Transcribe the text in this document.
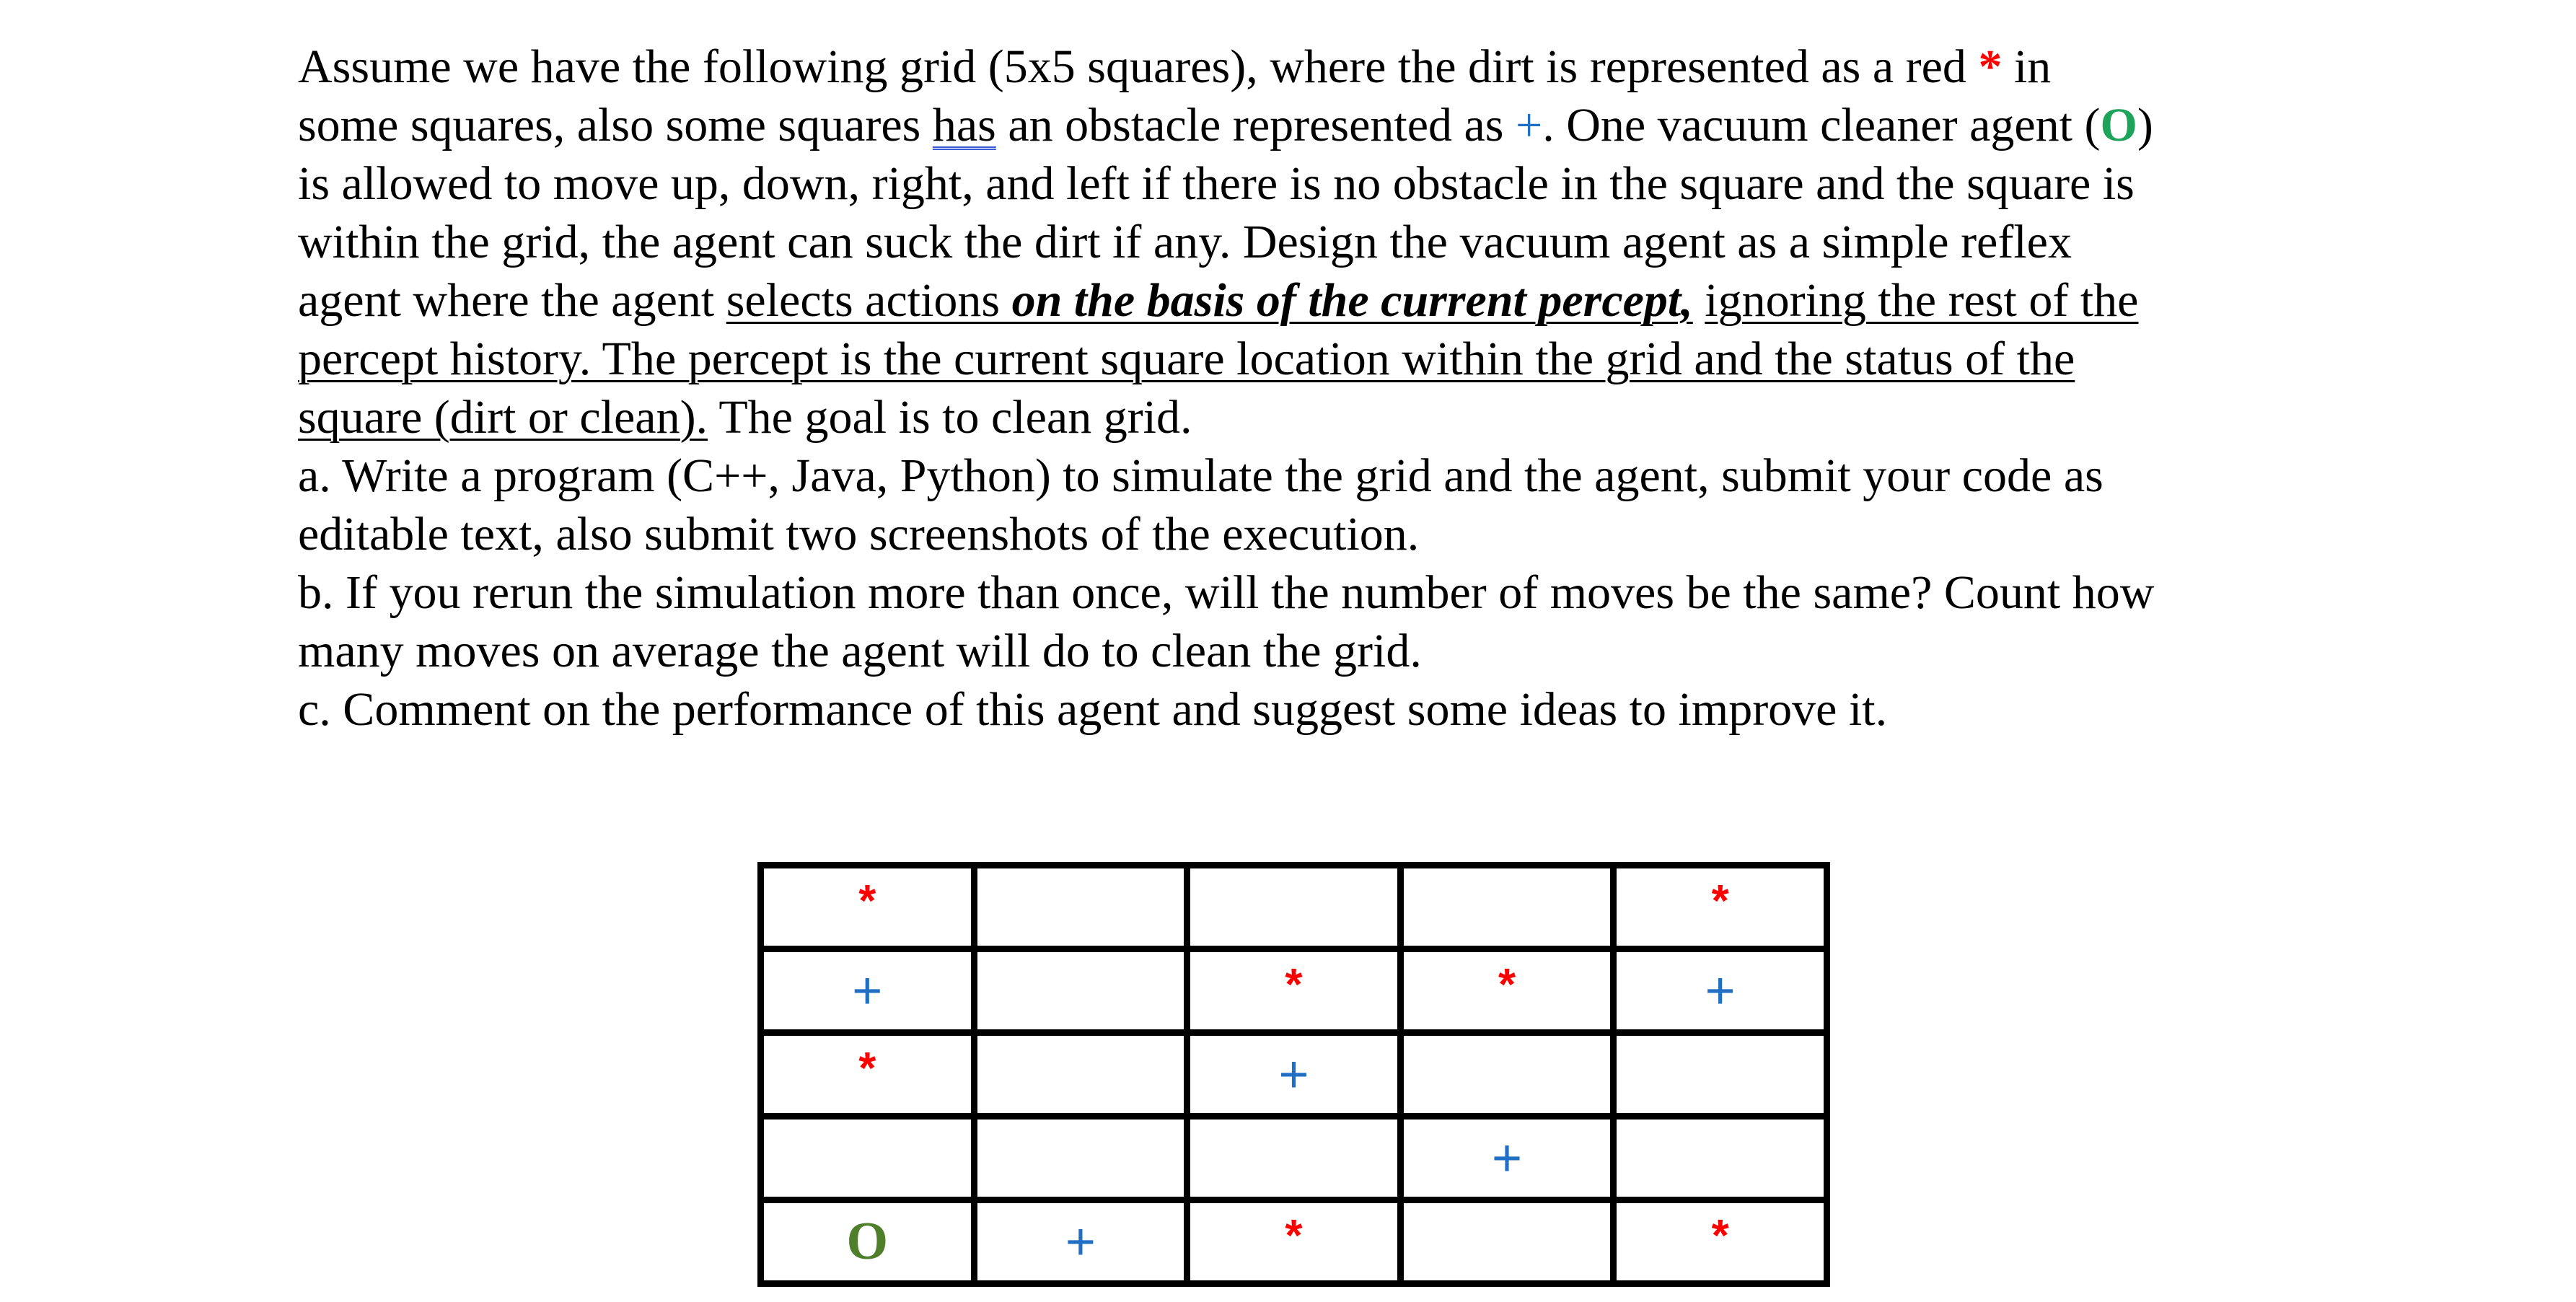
Assume we have the following grid (5x5 squares), where the dirt is represented as a red * in
some squares, also some squares has an obstacle represented as +. One vacuum cleaner agent (O)
is allowed to move up, down, right, and left if there is no obstacle in the square and the square is
within the grid, the agent can suck the dirt if any. Design the vacuum agent as a simple reflex
agent where the agent selects actions on the basis of the current percept, ignoring the rest of the
percept history. The percept is the current square location within the grid and the status of the
square (dirt or clean). The goal is to clean grid.
a. Write a program (C++, Java, Python) to simulate the grid and the agent, submit your code as
editable text, also submit two screenshots of the execution.
b. If you rerun the simulation more than once, will the number of moves be the same? Count how
many moves on average the agent will do to clean the grid.
c. Comment on the performance of this agent and suggest some ideas to improve it.
*				*
+		*	*	+
*		+		
			+	
O	+	*		*
